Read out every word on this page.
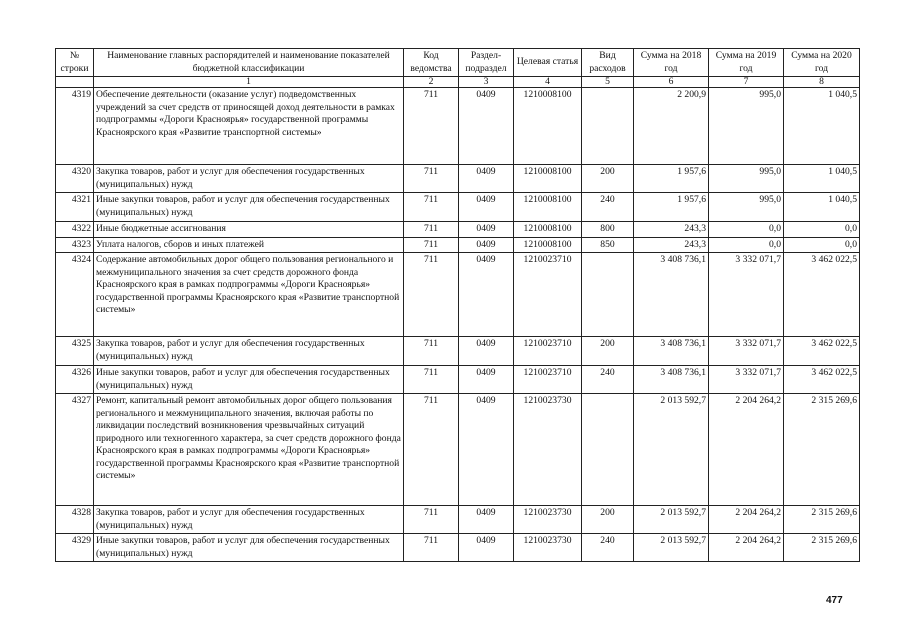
№ строки	Наименование главных распорядителей и наименование показателей бюджетной классификации	Код ведомства	Раздел-подраздел	Целевая статья	Вид расходов	Сумма на 2018 год	Сумма на 2019 год	Сумма на 2020 год
	1	2	3	4	5	6	7	8
4319	Обеспечение деятельности (оказание услуг) подведомственных учреждений за счет средств от приносящей доход деятельности в рамках подпрограммы «Дороги Красноярья» государственной программы Красноярского края «Развитие транспортной системы»	711	0409	1210008100		2 200,9	995,0	1 040,5
4320	Закупка товаров, работ и услуг для обеспечения государственных (муниципальных) нужд	711	0409	1210008100	200	1 957,6	995,0	1 040,5
4321	Иные закупки товаров, работ и услуг для обеспечения государственных (муниципальных) нужд	711	0409	1210008100	240	1 957,6	995,0	1 040,5
4322	Иные бюджетные ассигнования	711	0409	1210008100	800	243,3	0,0	0,0
4323	Уплата налогов, сборов и иных платежей	711	0409	1210008100	850	243,3	0,0	0,0
4324	Содержание автомобильных дорог общего пользования регионального и межмуниципального значения за счет средств дорожного фонда Красноярского края в рамках подпрограммы «Дороги Красноярья» государственной программы Красноярского края «Развитие транспортной системы»	711	0409	1210023710		3 408 736,1	3 332 071,7	3 462 022,5
4325	Закупка товаров, работ и услуг для обеспечения государственных (муниципальных) нужд	711	0409	1210023710	200	3 408 736,1	3 332 071,7	3 462 022,5
4326	Иные закупки товаров, работ и услуг для обеспечения государственных (муниципальных) нужд	711	0409	1210023710	240	3 408 736,1	3 332 071,7	3 462 022,5
4327	Ремонт, капитальный ремонт автомобильных дорог общего пользования регионального и межмуниципального значения, включая работы по ликвидации последствий возникновения чрезвычайных ситуаций природного или техногенного характера, за счет средств дорожного фонда Красноярского края в рамках подпрограммы «Дороги Красноярья» государственной программы Красноярского края «Развитие транспортной системы»	711	0409	1210023730		2 013 592,7	2 204 264,2	2 315 269,6
4328	Закупка товаров, работ и услуг для обеспечения государственных (муниципальных) нужд	711	0409	1210023730	200	2 013 592,7	2 204 264,2	2 315 269,6
4329	Иные закупки товаров, работ и услуг для обеспечения государственных (муниципальных) нужд	711	0409	1210023730	240	2 013 592,7	2 204 264,2	2 315 269,6
477
